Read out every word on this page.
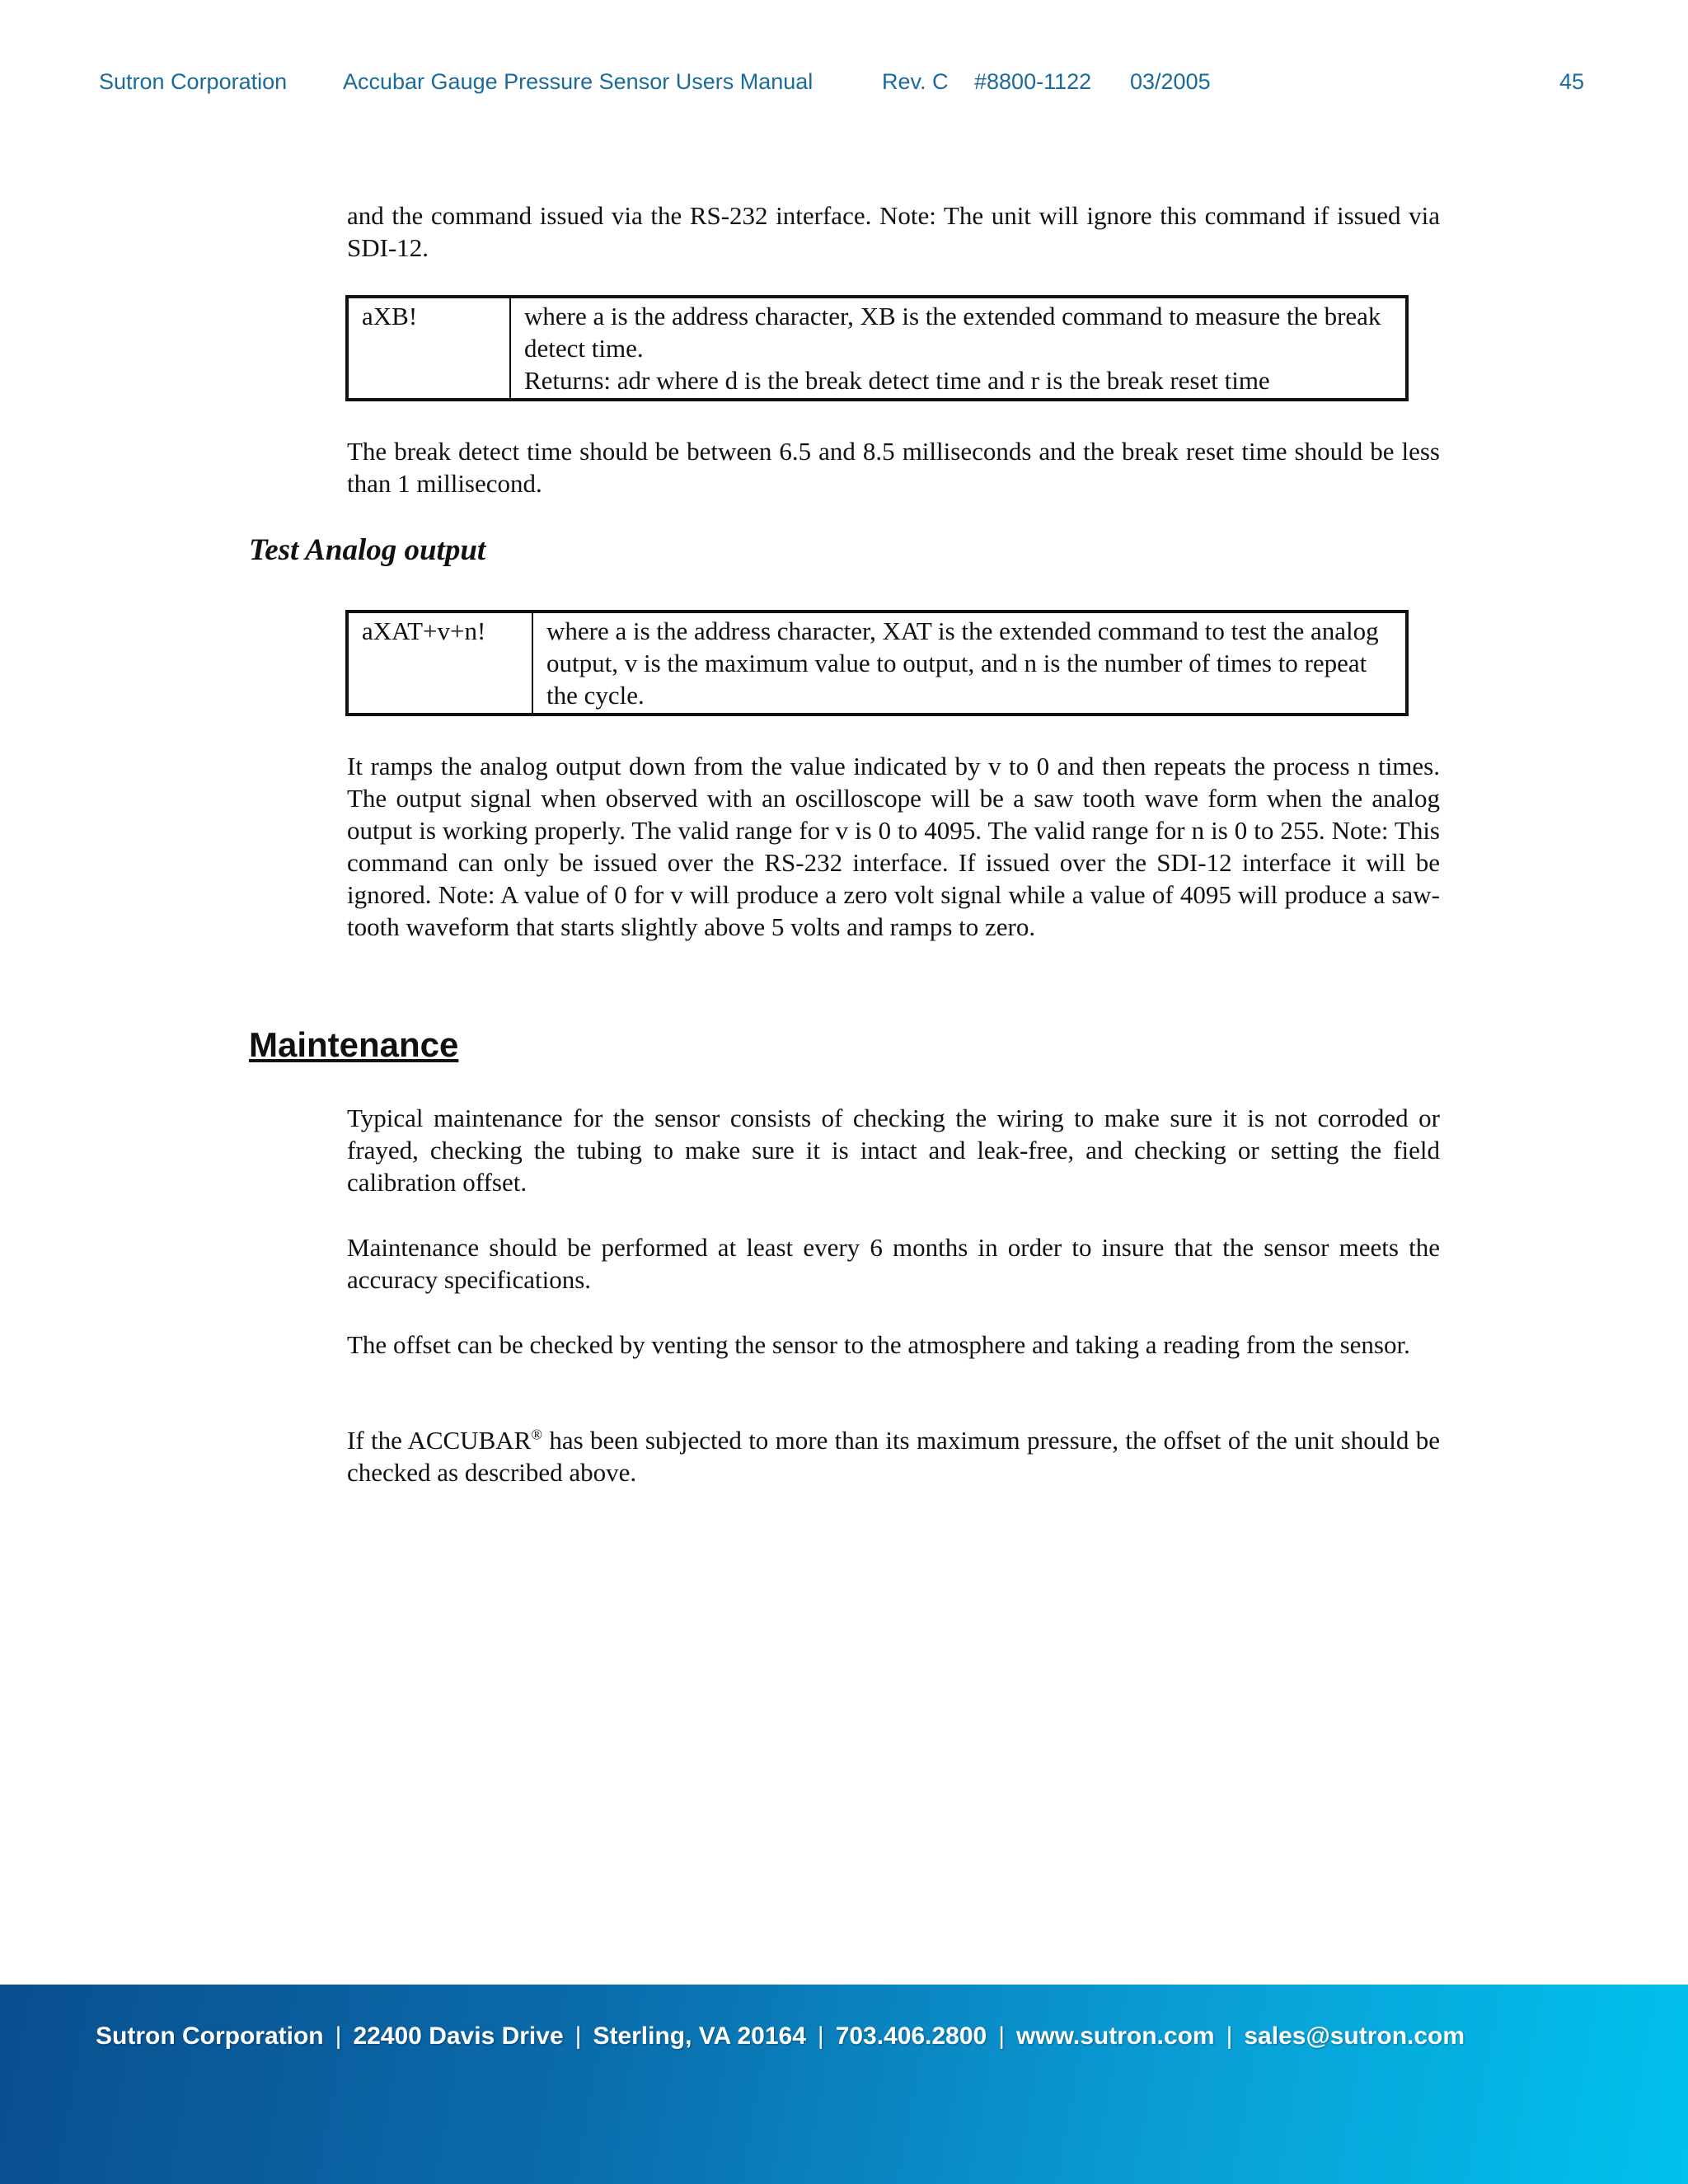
Sutron Corporation	Accubar Gauge Pressure Sensor Users Manual	Rev. C #8800-1122 03/2005	45

and the command issued via the RS-232 interface. Note: The unit will ignore this command if issued via SDI-12.

aXB!	where a is the address character, XB is the extended command to measure the break detect time.
Returns: adr where d is the break detect time and r is the break reset time

The break detect time should be between 6.5 and 8.5 milliseconds and the break reset time should be less than 1 millisecond.

Test Analog output
aXAT+v+n!	where a is the address character, XAT is the extended command to test the analog output, v is the maximum value to output, and n is the number of times to repeat the cycle.

It ramps the analog output down from the value indicated by v to 0 and then repeats the process n times. The output signal when observed with an oscilloscope will be a saw tooth wave form when the analog output is working properly. The valid range for v is 0 to 4095. The valid range for n is 0 to 255. Note: This command can only be issued over the RS-232 interface. If issued over the SDI-12 interface it will be ignored. Note: A value of 0 for v will produce a zero volt signal while a value of 4095 will produce a saw-tooth waveform that starts slightly above 5 volts and ramps to zero.

Maintenance

Typical maintenance for the sensor consists of checking the wiring to make sure it is not corroded or frayed, checking the tubing to make sure it is intact and leak-free, and checking or setting the field calibration offset.

Maintenance should be performed at least every 6 months in order to insure that the sensor meets the accuracy specifications.

The offset can be checked by venting the sensor to the atmosphere and taking a reading from the sensor.

If the ACCUBAR® has been subjected to more than its maximum pressure, the offset of the unit should be checked as described above.

Sutron Corporation | 22400 Davis Drive | Sterling, VA 20164 | 703.406.2800 | www.sutron.com | sales@sutron.com
